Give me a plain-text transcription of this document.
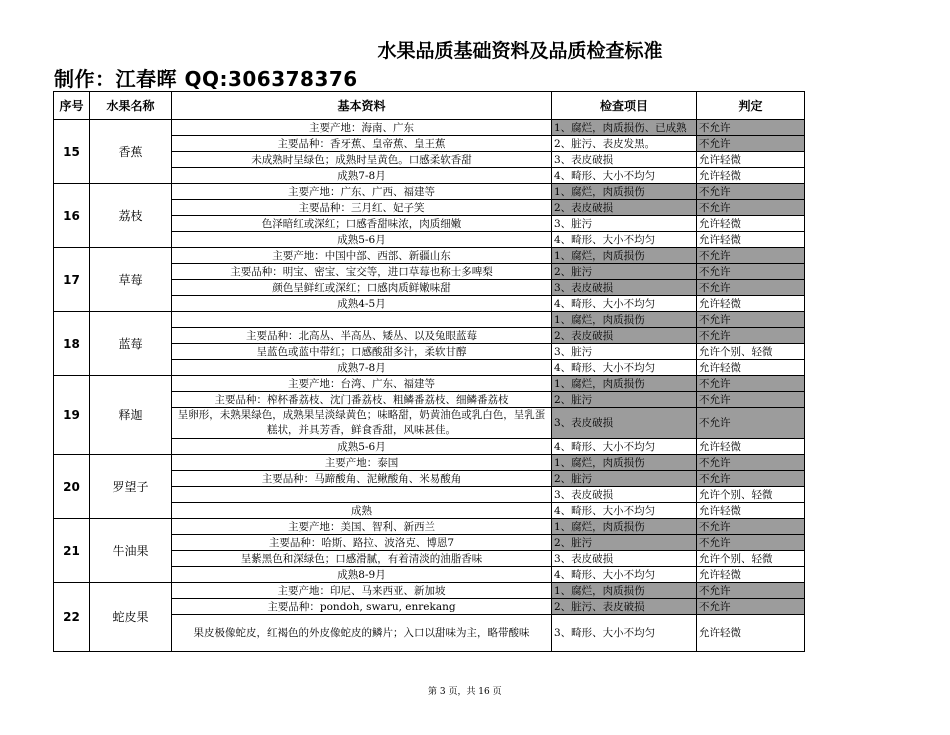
水果品质基础资料及品质检查标准
制作：江春晖 QQ:306378376
序号	水果名称	基本资料	检查项目	判定
15	香蕉	主要产地：海南、广东	1、腐烂，肉质损伤、已成熟	不允许
		主要品种：香牙蕉、皇帝蕉、皇王蕉	2、脏污、表皮发黑。	不允许
		未成熟时呈绿色；成熟时呈黄色。口感柔软香甜	3、表皮破损	允许轻微
		成熟7-8月	4、畸形、大小不均匀	允许轻微
16	荔枝	主要产地：广东、广西、福建等	1、腐烂，肉质损伤	不允许
		主要品种：三月红、妃子笑	2、表皮破损	不允许
		色泽暗红或深红；口感香甜味浓，肉质细嫩	3、脏污	允许轻微
		成熟5-6月	4、畸形、大小不均匀	允许轻微
17	草莓	主要产地：中国中部、西部、新疆山东	1、腐烂，肉质损伤	不允许
		主要品种：明宝、密宝、宝交等，进口草莓也称士多啤梨	2、脏污	不允许
		颜色呈鲜红或深红；口感肉质鲜嫩味甜	3、表皮破损	不允许
		成熟4-5月	4、畸形、大小不均匀	允许轻微
18	蓝莓		1、腐烂，肉质损伤	不允许
		主要品种：北高丛、半高丛、矮丛、以及兔眼蓝莓	2、表皮破损	不允许
		呈蓝色或蓝中带红；口感酸甜多汁，柔软甘醇	3、脏污	允许个别、轻微
		成熟7-8月	4、畸形、大小不均匀	允许轻微
19	释迦	主要产地：台湾、广东、福建等	1、腐烂，肉质损伤	不允许
		主要品种：榨杯番荔枝、沈门番荔枝、粗鳞番荔枝、细鳞番荔枝	2、脏污	不允许
		呈卵形，未熟果绿色，成熟果呈淡绿黄色；味略甜，奶黄油色或乳白色，呈乳蛋糕状，并具芳香，鲜食香甜，风味甚佳。	3、表皮破损	不允许
		成熟5-6月	4、畸形、大小不均匀	允许轻微
20	罗望子	主要产地：泰国	1、腐烂，肉质损伤	不允许
		主要品种：马蹄酸角、泥鳅酸角、米易酸角	2、脏污	不允许
			3、表皮破损	允许个别、轻微
		成熟	4、畸形、大小不均匀	允许轻微
21	牛油果	主要产地：美国、智利、新西兰	1、腐烂，肉质损伤	不允许
		主要品种：哈斯、路拉、波洛克、博恩7	2、脏污	不允许
		呈紫黑色和深绿色；口感滑腻，有着清淡的油脂香味	3、表皮破损	允许个别、轻微
		成熟8-9月	4、畸形、大小不均匀	允许轻微
22	蛇皮果	主要产地：印尼、马来西亚、新加坡	1、腐烂，肉质损伤	不允许
		主要品种：pondoh, swaru, enrekang	2、脏污、表皮破损	不允许
		果皮极像蛇皮，红褐色的外皮像蛇皮的鳞片；入口以甜味为主，略带酸味	3、畸形、大小不均匀	允许轻微
第 3 页，共 16 页
